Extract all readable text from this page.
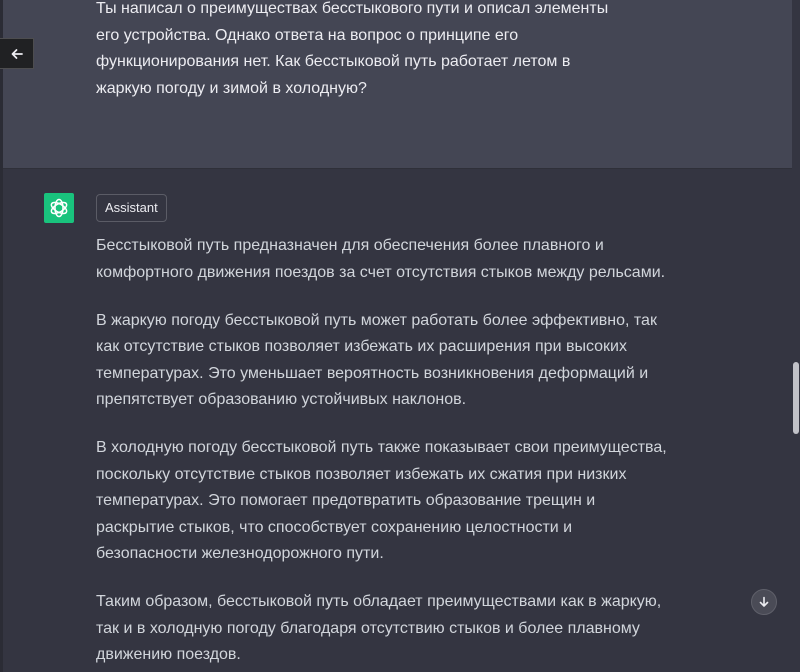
Ты написал о преимуществах бесстыкового пути и описал элементы его устройства. Однако ответа на вопрос о принципе его функционирования нет. Как бесстыковой путь работает летом в жаркую погоду и зимой в холодную?

Assistant

Бесстыковой путь предназначен для обеспечения более плавного и комфортного движения поездов за счет отсутствия стыков между рельсами.

В жаркую погоду бесстыковой путь может работать более эффективно, так как отсутствие стыков позволяет избежать их расширения при высоких температурах. Это уменьшает вероятность возникновения деформаций и препятствует образованию устойчивых наклонов.

В холодную погоду бесстыковой путь также показывает свои преимущества, поскольку отсутствие стыков позволяет избежать их сжатия при низких температурах. Это помогает предотвратить образование трещин и раскрытие стыков, что способствует сохранению целостности и безопасности железнодорожного пути.

Таким образом, бесстыковой путь обладает преимуществами как в жаркую, так и в холодную погоду благодаря отсутствию стыков и более плавному движению поездов.
